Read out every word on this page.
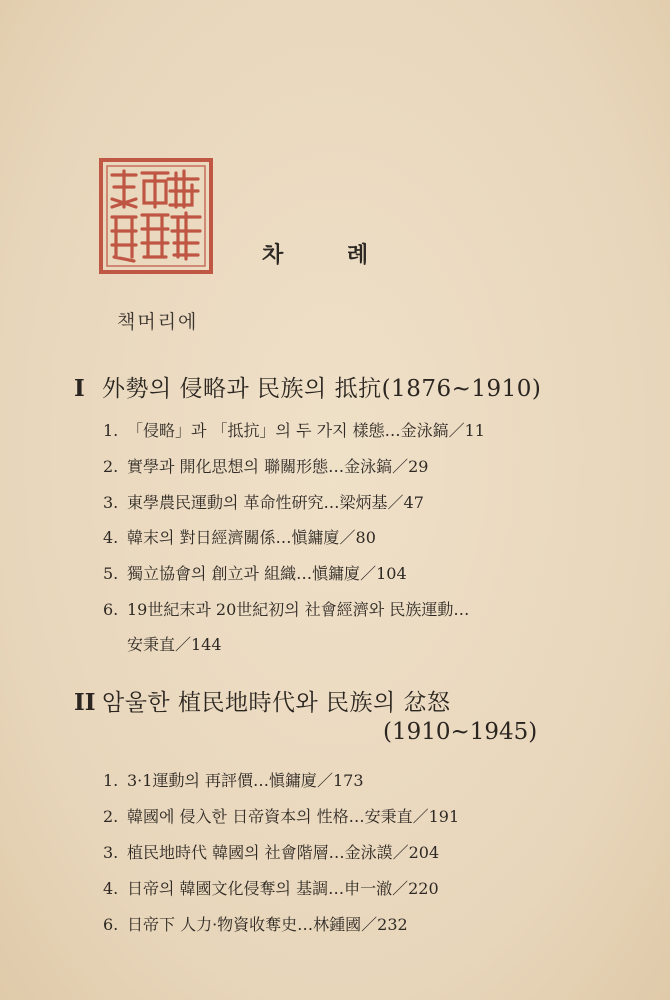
차 례
책머리에
I 外勢의 侵略과 民族의 抵抗(1876~1910)
1. 「侵略」과 「抵抗」의 두 가지 樣態…金泳鎬／11
2. 實學과 開化思想의 聯關形態…金泳鎬／29
3. 東學農民運動의 革命性硏究…梁炳基／47
4. 韓末의 對日經濟關係…愼鏞廈／80
5. 獨立協會의 創立과 組織…愼鏞廈／104
6. 19世紀末과 20世紀初의 社會經濟와 民族運動…
安秉直／144
II 암울한 植民地時代와 民族의 忿怒
(1910~1945)
1. 3·1運動의 再評價…愼鏞廈／173
2. 韓國에 侵入한 日帝資本의 性格…安秉直／191
3. 植民地時代 韓國의 社會階層…金泳謨／204
4. 日帝의 韓國文化侵奪의 基調…申一澈／220
6. 日帝下 人力·物資收奪史…林鍾國／232
